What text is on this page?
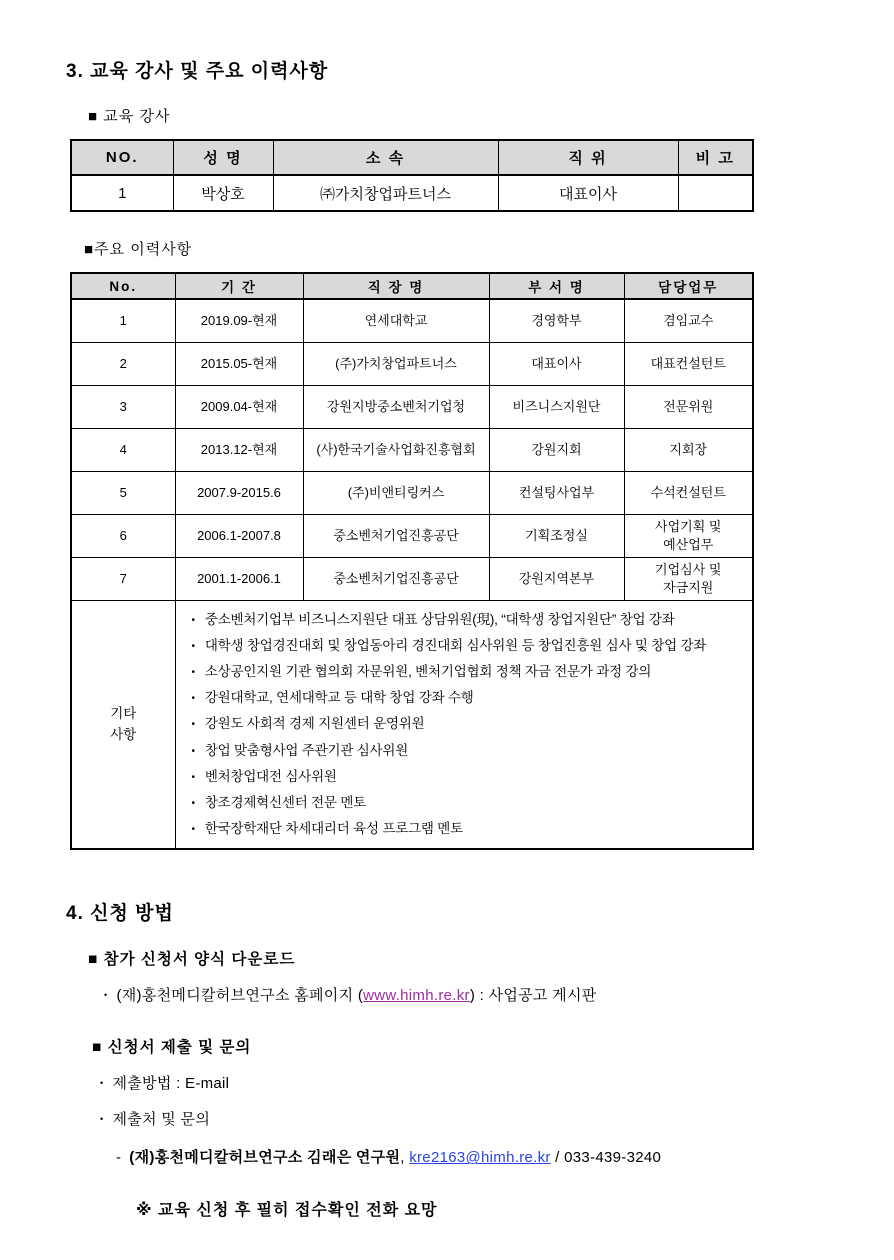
3. 교육 강사 및 주요 이력사항
■ 교육 강사
NO.	성 명	소 속	직 위	비 고
1	박상호	㈜가치창업파트너스	대표이사	
■주요 이력사항
No.	기 간	직 장 명	부 서 명	담당업무
1	2019.09-현재	연세대학교	경영학부	겸임교수
2	2015.05-현재	(주)가치창업파트너스	대표이사	대표컨설턴트
3	2009.04-현재	강원지방중소벤처기업청	비즈니스지원단	전문위원
4	2013.12-현재	(사)한국기술사업화진흥협회	강원지회	지회장
5	2007.9-2015.6	(주)비앤티링커스	컨설팅사업부	수석컨설턴트
6	2006.1-2007.8	중소벤처기업진흥공단	기획조정실	사업기획 및
예산업무
7	2001.1-2006.1	중소벤처기업진흥공단	강원지역본부	기업심사 및
자금지원
기타
사항	
• 중소벤처기업부 비즈니스지원단 대표 상담위원(現), “대학생 창업지원단” 창업 강좌
• 대학생 창업경진대회 및 창업동아리 경진대회 심사위원 등 창업진흥원 심사 및 창업 강좌
• 소상공인지원 기관 협의회 자문위원, 벤처기업협회 정책 자금 전문가 과정 강의
• 강원대학교, 연세대학교 등 대학 창업 강좌 수행
• 강원도 사회적 경제 지원센터 운영위원
• 창업 맞춤형사업 주관기관 심사위원
• 벤처창업대전 심사위원
• 창조경제혁신센터 전문 멘토
• 한국장학재단 차세대리더 육성 프로그램 멘토
4. 신청 방법
■ 참가 신청서 양식 다운로드
• (재)홍천메디칼허브연구소 홈페이지 (www.himh.re.kr) : 사업공고 게시판
■ 신청서 제출 및 문의
• 제출방법 : E-mail
• 제출처 및 문의
- (재)홍천메디칼허브연구소 김래은 연구원, kre2163@himh.re.kr / 033-439-3240
※ 교육 신청 후 필히 접수확인 전화 요망
